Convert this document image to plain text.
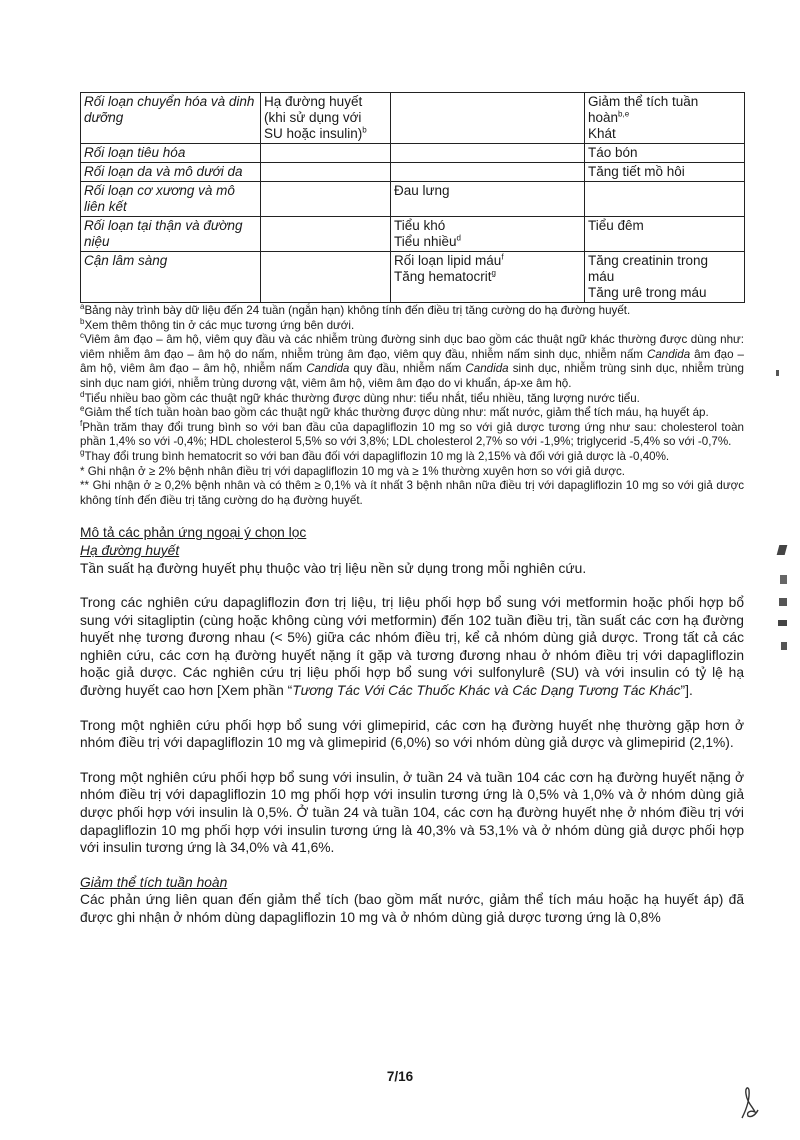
Rối loạn chuyển hóa và dinh dưỡng	Hạ đường huyết
(khi sử dụng với
SU hoặc insulin)$^b$		Giảm thể tích tuần
hoàn$^{b,e}$
Khát

Rối loạn tiêu hóa			Táo bón

Rối loạn da và mô dưới da			Tăng tiết mồ hôi

Rối loạn cơ xương và mô liên kết		Đau lưng	

Rối loạn tại thận và đường niệu		Tiểu khó
Tiểu nhiều$^d$	Tiểu đêm

Cận lâm sàng		Rối loạn lipid máu$^f$
Tăng hematocrit$^g$	Tăng creatinin trong
máu
Tăng urê trong máu

$^a$Bảng này trình bày dữ liệu đến 24 tuần (ngắn hạn) không tính đến điều trị tăng cường do hạ đường huyết.

$^b$Xem thêm thông tin ở các mục tương ứng bên dưới.

$^c$Viêm âm đạo – âm hộ, viêm quy đầu và các nhiễm trùng đường sinh dục bao gồm các thuật ngữ khác thường được dùng như: viêm nhiễm âm đạo – âm hộ do nấm, nhiễm trùng âm đạo, viêm quy đầu, nhiễm nấm sinh dục, nhiễm nấm Candida âm đạo – âm hộ, viêm âm đạo – âm hộ, nhiễm nấm Candida quy đầu, nhiễm nấm Candida sinh dục, nhiễm trùng sinh dục, nhiễm trùng sinh dục nam giới, nhiễm trùng dương vật, viêm âm hộ, viêm âm đạo do vi khuẩn, áp-xe âm hộ.

$^d$Tiểu nhiều bao gồm các thuật ngữ khác thường được dùng như: tiểu nhắt, tiểu nhiều, tăng lượng nước tiểu.

$^e$Giảm thể tích tuần hoàn bao gồm các thuật ngữ khác thường được dùng như: mất nước, giảm thể tích máu, hạ huyết áp.

$^f$Phần trăm thay đổi trung bình so với ban đầu của dapagliflozin 10 mg so với giả dược tương ứng như sau: cholesterol toàn phần 1,4% so với -0,4%; HDL cholesterol 5,5% so với 3,8%; LDL cholesterol 2,7% so với -1,9%; triglycerid -5,4% so với -0,7%.

$^g$Thay đổi trung bình hematocrit so với ban đầu đối với dapagliflozin 10 mg là 2,15% và đối với giả dược là -0,40%.

* Ghi nhận ở ≥ 2% bệnh nhân điều trị với dapagliflozin 10 mg và ≥ 1% thường xuyên hơn so với giả dược.

** Ghi nhận ở ≥ 0,2% bệnh nhân và có thêm ≥ 0,1% và ít nhất 3 bệnh nhân nữa điều trị với dapagliflozin 10 mg so với giả dược không tính đến điều trị tăng cường do hạ đường huyết.

Mô tả các phản ứng ngoại ý chọn lọc

Hạ đường huyết

Tần suất hạ đường huyết phụ thuộc vào trị liệu nền sử dụng trong mỗi nghiên cứu.

Trong các nghiên cứu dapagliflozin đơn trị liệu, trị liệu phối hợp bổ sung với metformin hoặc phối hợp bổ sung với sitagliptin (cùng hoặc không cùng với metformin) đến 102 tuần điều trị, tần suất các cơn hạ đường huyết nhẹ tương đương nhau (< 5%) giữa các nhóm điều trị, kể cả nhóm dùng giả dược. Trong tất cả các nghiên cứu, các cơn hạ đường huyết nặng ít gặp và tương đương nhau ở nhóm điều trị với dapagliflozin hoặc giả dược. Các nghiên cứu trị liệu phối hợp bổ sung với sulfonylurê (SU) và với insulin có tỷ lệ hạ đường huyết cao hơn [Xem phần “Tương Tác Với Các Thuốc Khác và Các Dạng Tương Tác Khác”].

Trong một nghiên cứu phối hợp bổ sung với glimepirid, các cơn hạ đường huyết nhẹ thường gặp hơn ở nhóm điều trị với dapagliflozin 10 mg và glimepirid (6,0%) so với nhóm dùng giả dược và glimepirid (2,1%).

Trong một nghiên cứu phối hợp bổ sung với insulin, ở tuần 24 và tuần 104 các cơn hạ đường huyết nặng ở nhóm điều trị với dapagliflozin 10 mg phối hợp với insulin tương ứng là 0,5% và 1,0% và ở nhóm dùng giả dược phối hợp với insulin là 0,5%. Ở tuần 24 và tuần 104, các cơn hạ đường huyết nhẹ ở nhóm điều trị với dapagliflozin 10 mg phối hợp với insulin tương ứng là 40,3% và 53,1% và ở nhóm dùng giả dược phối hợp với insulin tương ứng là 34,0% và 41,6%.

Giảm thể tích tuần hoàn

Các phản ứng liên quan đến giảm thể tích (bao gồm mất nước, giảm thể tích máu hoặc hạ huyết áp) đã được ghi nhận ở nhóm dùng dapagliflozin 10 mg và ở nhóm dùng giả dược tương ứng là 0,8%

7/16
